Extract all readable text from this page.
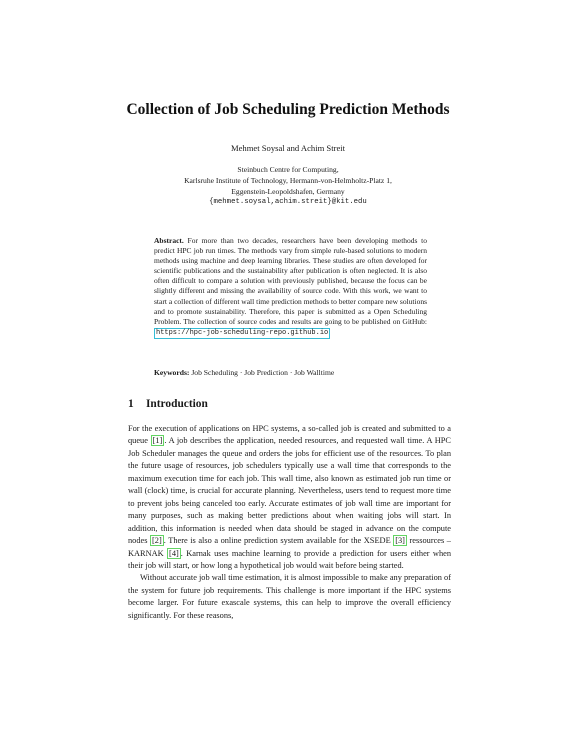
Collection of Job Scheduling Prediction Methods
Mehmet Soysal and Achim Streit
Steinbuch Centre for Computing,
Karlsruhe Institute of Technology, Hermann-von-Helmholtz-Platz 1,
Eggenstein-Leopoldshafen, Germany
{mehmet.soysal,achim.streit}@kit.edu
Abstract. For more than two decades, researchers have been developing methods to predict HPC job run times. The methods vary from simple rule-based solutions to modern methods using machine and deep learning libraries. These studies are often developed for scientific publications and the sustainability after publication is often neglected. It is also often difficult to compare a solution with previously published, because the focus can be slightly different and missing the availability of source code. With this work, we want to start a collection of different wall time prediction methods to better compare new solutions and to promote sustainability. Therefore, this paper is submitted as a Open Scheduling Problem. The collection of source codes and results are going to be published on GitHub: https://hpc-job-scheduling-repo.github.io
Keywords: Job Scheduling · Job Prediction · Job Walltime
1 Introduction

For the execution of applications on HPC systems, a so-called job is created and submitted to a queue [1] . A job describes the application, needed resources, and requested wall time. A HPC Job Scheduler manages the queue and orders the jobs for efficient use of the resources. To plan the future usage of resources, job schedulers typically use a wall time that corresponds to the maximum execution time for each job. This wall time, also known as estimated job run time or wall (clock) time, is crucial for accurate planning. Nevertheless, users tend to request more time to prevent jobs being canceled too early. Accurate estimates of job wall time are important for many purposes, such as making better predictions about when waiting jobs will start. In addition, this information is needed when data should be staged in advance on the compute nodes [2] . There is also a online prediction system available for the XSEDE [3] ressources – KARNAK [4] . Karnak uses machine learning to provide a prediction for users either when their job will start, or how long a hypothetical job would wait before being started.

Without accurate job wall time estimation, it is almost impossible to make any preparation of the system for future job requirements. This challenge is more important if the HPC systems become larger. For future exascale systems, this can help to improve the overall efficiency significantly. For these reasons,
